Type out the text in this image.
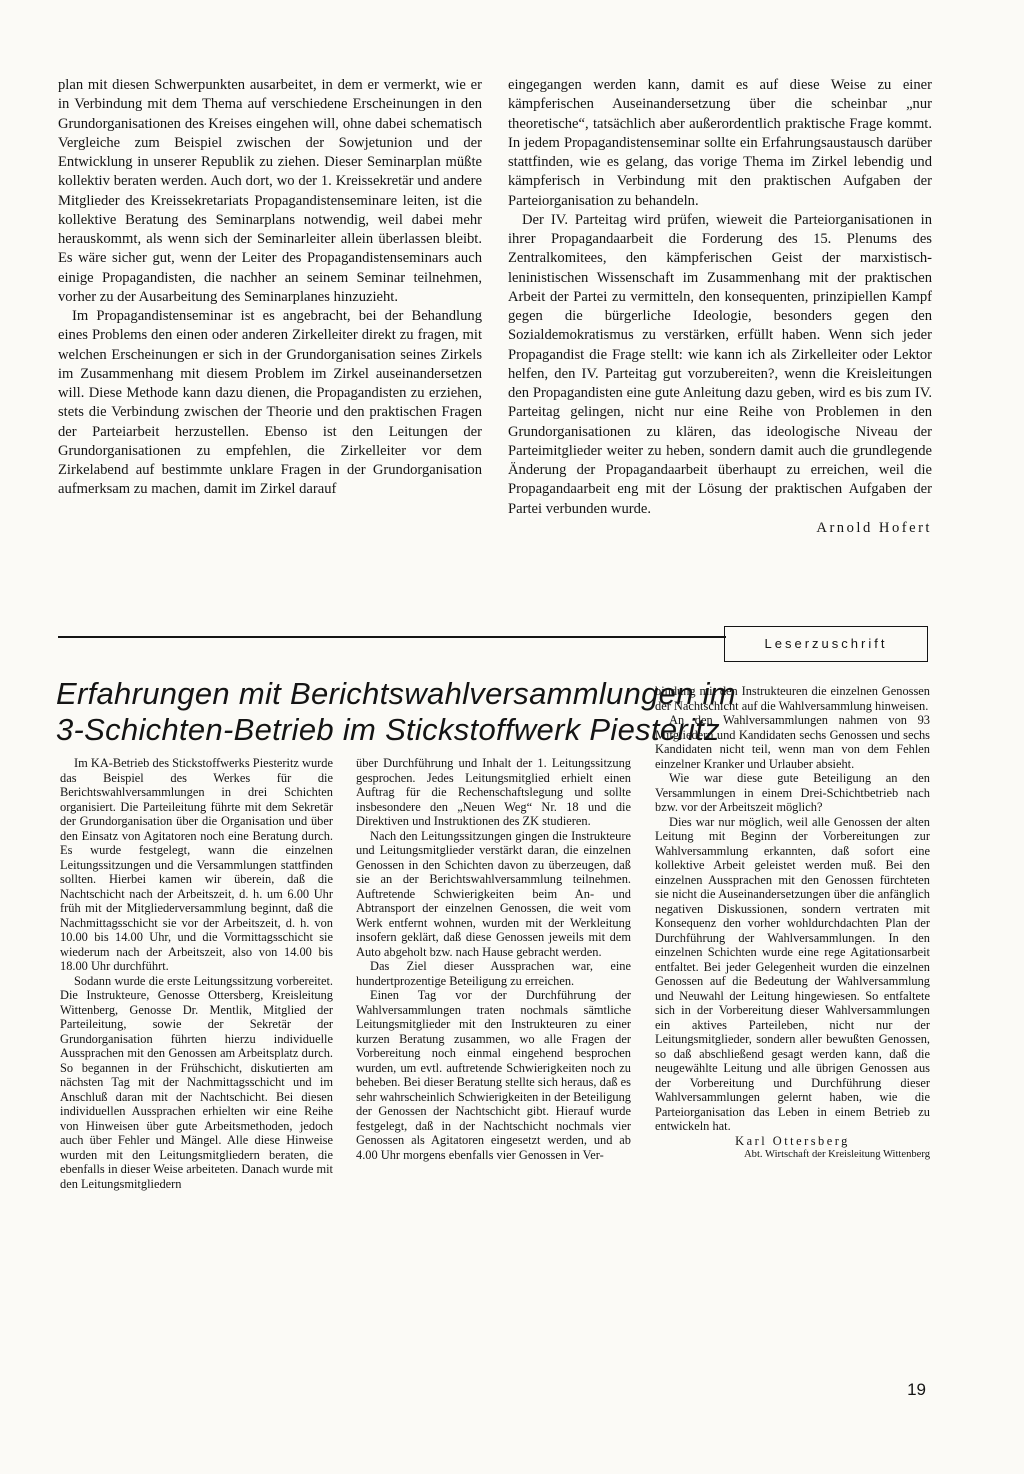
plan mit diesen Schwerpunkten ausarbeitet, in dem er vermerkt, wie er in Verbindung mit dem Thema auf verschiedene Erscheinungen in den Grundorganisationen des Kreises eingehen will, ohne dabei schematisch Vergleiche zum Beispiel zwischen der Sowjetunion und der Entwicklung in unserer Republik zu ziehen. Dieser Seminarplan müßte kollektiv beraten werden. Auch dort, wo der 1. Kreissekretär und andere Mitglieder des Kreissekretariats Propagandistenseminare leiten, ist die kollektive Beratung des Seminarplans notwendig, weil dabei mehr herauskommt, als wenn sich der Seminarleiter allein überlassen bleibt. Es wäre sicher gut, wenn der Leiter des Propagandistenseminars auch einige Propagandisten, die nachher an seinem Seminar teilnehmen, vorher zu der Ausarbeitung des Seminarplanes hinzuzieht.

Im Propagandistenseminar ist es angebracht, bei der Behandlung eines Problems den einen oder anderen Zirkelleiter direkt zu fragen, mit welchen Erscheinungen er sich in der Grundorganisation seines Zirkels im Zusammenhang mit diesem Problem im Zirkel auseinandersetzen will. Diese Methode kann dazu dienen, die Propagandisten zu erziehen, stets die Verbindung zwischen der Theorie und den praktischen Fragen der Parteiarbeit herzustellen. Ebenso ist den Leitungen der Grundorganisationen zu empfehlen, die Zirkelleiter vor dem Zirkelabend auf bestimmte unklare Fragen in der Grundorganisation aufmerksam zu machen, damit im Zirkel darauf

eingegangen werden kann, damit es auf diese Weise zu einer kämpferischen Auseinandersetzung über die scheinbar „nur theoretische“, tatsächlich aber außerordentlich praktische Frage kommt. In jedem Propagandistenseminar sollte ein Erfahrungsaustausch darüber stattfinden, wie es gelang, das vorige Thema im Zirkel lebendig und kämpferisch in Verbindung mit den praktischen Aufgaben der Parteiorganisation zu behandeln.

Der IV. Parteitag wird prüfen, wieweit die Parteiorganisationen in ihrer Propagandaarbeit die Forderung des 15. Plenums des Zentralkomitees, den kämpferischen Geist der marxistisch-leninistischen Wissenschaft im Zusammenhang mit der praktischen Arbeit der Partei zu vermitteln, den konsequenten, prinzipiellen Kampf gegen die bürgerliche Ideologie, besonders gegen den Sozialdemokratismus zu verstärken, erfüllt haben. Wenn sich jeder Propagandist die Frage stellt: wie kann ich als Zirkelleiter oder Lektor helfen, den IV. Parteitag gut vorzubereiten?, wenn die Kreisleitungen den Propagandisten eine gute Anleitung dazu geben, wird es bis zum IV. Parteitag gelingen, nicht nur eine Reihe von Problemen in den Grundorganisationen zu klären, das ideologische Niveau der Parteimitglieder weiter zu heben, sondern damit auch die grundlegende Änderung der Propagandaarbeit überhaupt zu erreichen, weil die Propagandaarbeit eng mit der Lösung der praktischen Aufgaben der Partei verbunden wurde.

Arnold Hofert

Leserzuschrift
Erfahrungen mit Berichtswahlversammlungen im
3-Schichten-Betrieb im Stickstoffwerk Piesteritz

Im KA-Betrieb des Stickstoffwerks Piesteritz wurde das Beispiel des Werkes für die Berichtswahlversammlungen in drei Schichten organisiert. Die Parteileitung führte mit dem Sekretär der Grundorganisation über die Organisation und über den Einsatz von Agitatoren noch eine Beratung durch. Es wurde festgelegt, wann die einzelnen Leitungssitzungen und die Versammlungen stattfinden sollten. Hierbei kamen wir überein, daß die Nachtschicht nach der Arbeitszeit, d. h. um 6.00 Uhr früh mit der Mitgliederversammlung beginnt, daß die Nachmittagsschicht sie vor der Arbeitszeit, d. h. von 10.00 bis 14.00 Uhr, und die Vormittagsschicht sie wiederum nach der Arbeitszeit, also von 14.00 bis 18.00 Uhr durchführt.

Sodann wurde die erste Leitungssitzung vorbereitet. Die Instrukteure, Genosse Ottersberg, Kreisleitung Wittenberg, Genosse Dr. Mentlik, Mitglied der Parteileitung, sowie der Sekretär der Grundorganisation führten hierzu individuelle Aussprachen mit den Genossen am Arbeitsplatz durch. So begannen in der Frühschicht, diskutierten am nächsten Tag mit der Nachmittagsschicht und im Anschluß daran mit der Nachtschicht. Bei diesen individuellen Aussprachen erhielten wir eine Reihe von Hinweisen über gute Arbeitsmethoden, jedoch auch über Fehler und Mängel. Alle diese Hinweise wurden mit den Leitungsmitgliedern beraten, die ebenfalls in dieser Weise arbeiteten. Danach wurde mit den Leitungsmitgliedern

über Durchführung und Inhalt der 1. Leitungssitzung gesprochen. Jedes Leitungsmitglied erhielt einen Auftrag für die Rechenschaftslegung und sollte insbesondere den „Neuen Weg“ Nr. 18 und die Direktiven und Instruktionen des ZK studieren.

Nach den Leitungssitzungen gingen die Instrukteure und Leitungsmitglieder verstärkt daran, die einzelnen Genossen in den Schichten davon zu überzeugen, daß sie an der Berichtswahlversammlung teilnehmen. Auftretende Schwierigkeiten beim An- und Abtransport der einzelnen Genossen, die weit vom Werk entfernt wohnen, wurden mit der Werkleitung insofern geklärt, daß diese Genossen jeweils mit dem Auto abgeholt bzw. nach Hause gebracht werden.

Das Ziel dieser Aussprachen war, eine hundertprozentige Beteiligung zu erreichen.

Einen Tag vor der Durchführung der Wahlversammlungen traten nochmals sämtliche Leitungsmitglieder mit den Instrukteuren zu einer kurzen Beratung zusammen, wo alle Fragen der Vorbereitung noch einmal eingehend besprochen wurden, um evtl. auftretende Schwierigkeiten noch zu beheben. Bei dieser Beratung stellte sich heraus, daß es sehr wahrscheinlich Schwierigkeiten in der Beteiligung der Genossen der Nachtschicht gibt. Hierauf wurde festgelegt, daß in der Nachtschicht nochmals vier Genossen als Agitatoren eingesetzt werden, und ab 4.00 Uhr morgens ebenfalls vier Genossen in Ver-

bindung mit den Instrukteuren die einzelnen Genossen der Nachtschicht auf die Wahlversammlung hinweisen.

An den Wahlversammlungen nahmen von 93 Mitgliedern und Kandidaten sechs Genossen und sechs Kandidaten nicht teil, wenn man von dem Fehlen einzelner Kranker und Urlauber absieht.

Wie war diese gute Beteiligung an den Versammlungen in einem Drei-Schichtbetrieb nach bzw. vor der Arbeitszeit möglich?

Dies war nur möglich, weil alle Genossen der alten Leitung mit Beginn der Vorbereitungen zur Wahlversammlung erkannten, daß sofort eine kollektive Arbeit geleistet werden muß. Bei den einzelnen Aussprachen mit den Genossen fürchteten sie nicht die Auseinandersetzungen über die anfänglich negativen Diskussionen, sondern vertraten mit Konsequenz den vorher wohldurchdachten Plan der Durchführung der Wahlversammlungen. In den einzelnen Schichten wurde eine rege Agitationsarbeit entfaltet. Bei jeder Gelegenheit wurden die einzelnen Genossen auf die Bedeutung der Wahlversammlung und Neuwahl der Leitung hingewiesen. So entfaltete sich in der Vorbereitung dieser Wahlversammlungen ein aktives Parteileben, nicht nur der Leitungsmitglieder, sondern aller bewußten Genossen, so daß abschließend gesagt werden kann, daß die neugewählte Leitung und alle übrigen Genossen aus der Vorbereitung und Durchführung dieser Wahlversammlungen gelernt haben, wie die Parteiorganisation das Leben in einem Betrieb zu entwickeln hat.

Karl Ottersberg

Abt. Wirtschaft der Kreisleitung Wittenberg

19
